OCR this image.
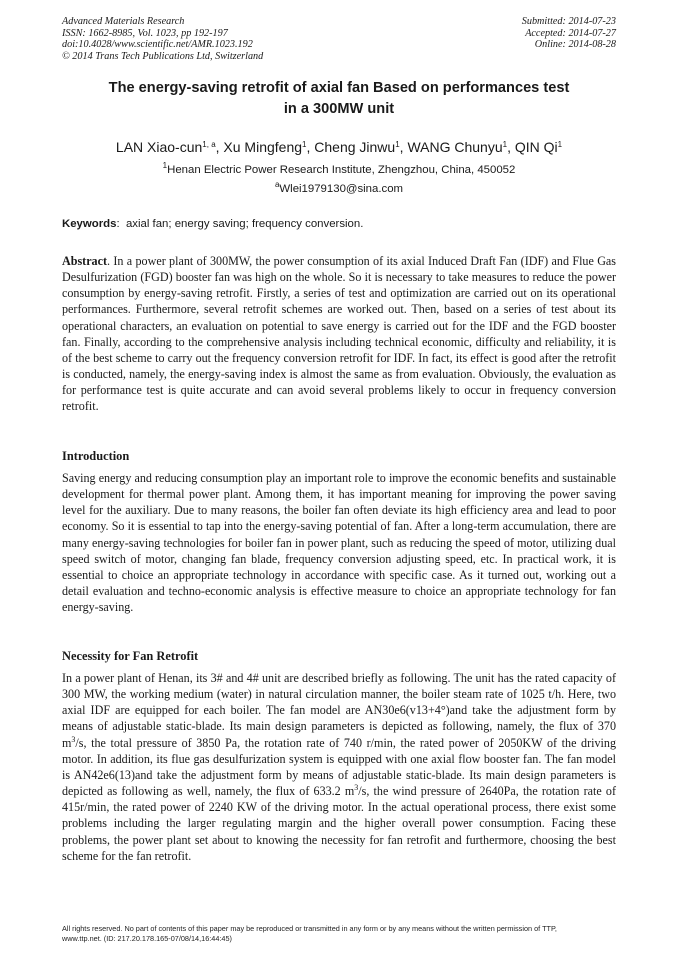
Advanced Materials Research
ISSN: 1662-8985, Vol. 1023, pp 192-197
doi:10.4028/www.scientific.net/AMR.1023.192
© 2014 Trans Tech Publications Ltd, Switzerland
Submitted: 2014-07-23
Accepted: 2014-07-27
Online: 2014-08-28
The energy-saving retrofit of axial fan Based on performances test
in a 300MW unit
LAN Xiao-cun$^{1, a}$, Xu Mingfeng$^1$, Cheng Jinwu$^1$, WANG Chunyu$^1$, QIN Qi$^1$
$^1$Henan Electric Power Research Institute, Zhengzhou, China, 450052
$^a$Wlei1979130@sina.com
Keywords:  axial fan; energy saving; frequency conversion.

Abstract. In a power plant of 300MW, the power consumption of its axial Induced Draft Fan (IDF) and Flue Gas Desulfurization (FGD) booster fan was high on the whole. So it is necessary to take measures to reduce the power consumption by energy-saving retrofit. Firstly, a series of test and optimization are carried out on its operational performances. Furthermore, several retrofit schemes are worked out. Then, based on a series of test about its operational characters, an evaluation on potential to save energy is carried out for the IDF and the FGD booster fan. Finally, according to the comprehensive analysis including technical economic, difficulty and reliability, it is of the best scheme to carry out the frequency conversion retrofit for IDF. In fact, its effect is good after the retrofit is conducted, namely, the energy-saving index is almost the same as from evaluation. Obviously, the evaluation as for performance test is quite accurate and can avoid several problems likely to occur in frequency conversion retrofit.

Introduction

Saving energy and reducing consumption play an important role to improve the economic benefits and sustainable development for thermal power plant. Among them, it has important meaning for improving the power saving level for the auxiliary. Due to many reasons, the boiler fan often deviate its high efficiency area and lead to poor economy. So it is essential to tap into the energy-saving potential of fan. After a long-term accumulation, there are many energy-saving technologies for boiler fan in power plant, such as reducing the speed of motor, utilizing dual speed switch of motor, changing fan blade, frequency conversion adjusting speed, etc. In practical work, it is essential to choice an appropriate technology in accordance with specific case. As it turned out, working out a detail evaluation and techno-economic analysis is effective measure to choice an appropriate technology for fan energy-saving.

Necessity for Fan Retrofit

In a power plant of Henan, its 3# and 4# unit are described briefly as following. The unit has the rated capacity of 300 MW, the working medium (water) in natural circulation manner, the boiler steam rate of 1025 t/h. Here, two axial IDF are equipped for each boiler. The fan model are AN30e6(v13+4°)and take the adjustment form by means of adjustable static-blade. Its main design parameters is depicted as following, namely, the flux of 370 $m^3/s$, the total pressure of 3850 Pa, the rotation rate of 740 r/min, the rated power of 2050KW of the driving motor. In addition, its flue gas desulfurization system is equipped with one axial flow booster fan. The fan model is AN42e6(13)and take the adjustment form by means of adjustable static-blade. Its main design parameters is depicted as following as well, namely, the flux of 633.2 $m^3/s$, the wind pressure of 2640Pa, the rotation rate of 415r/min, the rated power of 2240 KW of the driving motor. In the actual operational process, there exist some problems including the larger regulating margin and the higher overall power consumption. Facing these problems, the power plant set about to knowing the necessity for fan retrofit and furthermore, choosing the best scheme for the fan retrofit.

All rights reserved. No part of contents of this paper may be reproduced or transmitted in any form or by any means without the written permission of TTP,
www.ttp.net. (ID: 217.20.178.165-07/08/14,16:44:45)
